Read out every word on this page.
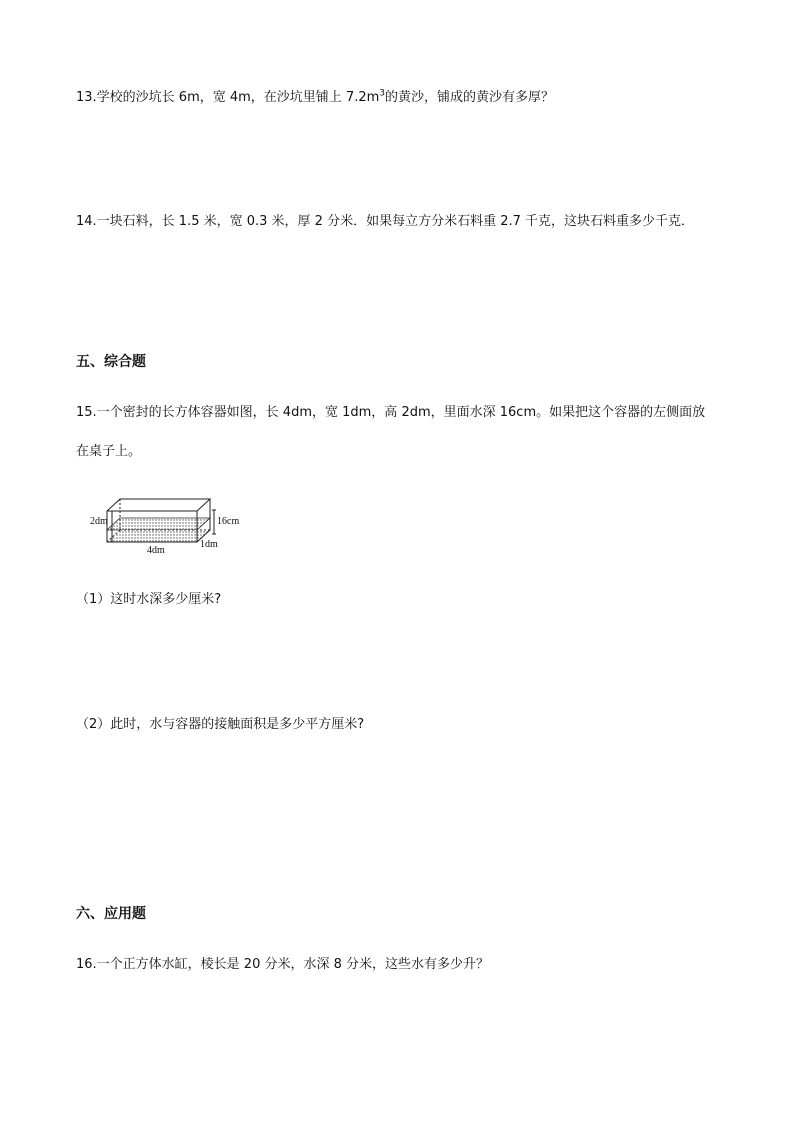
13.学校的沙坑长 6m，宽 4m，在沙坑里铺上 $7.2m^3$的黄沙，铺成的黄沙有多厚？
14.一块石料，长 1.5 米，宽 0.3 米，厚 2 分米．如果每立方分米石料重 2.7 千克，这块石料重多少千克．
五、综合题
15.一个密封的长方体容器如图，长 4dm，宽 1dm，高 2dm，里面水深 16cm。如果把这个容器的左侧面放
在桌子上。
2dm	16cm
4dm
1dm
（1）这时水深多少厘米?
（2）此时，水与容器的接触面积是多少平方厘米?
六、应用题
16.一个正方体水缸，棱长是 20 分米，水深 8 分米，这些水有多少升？
